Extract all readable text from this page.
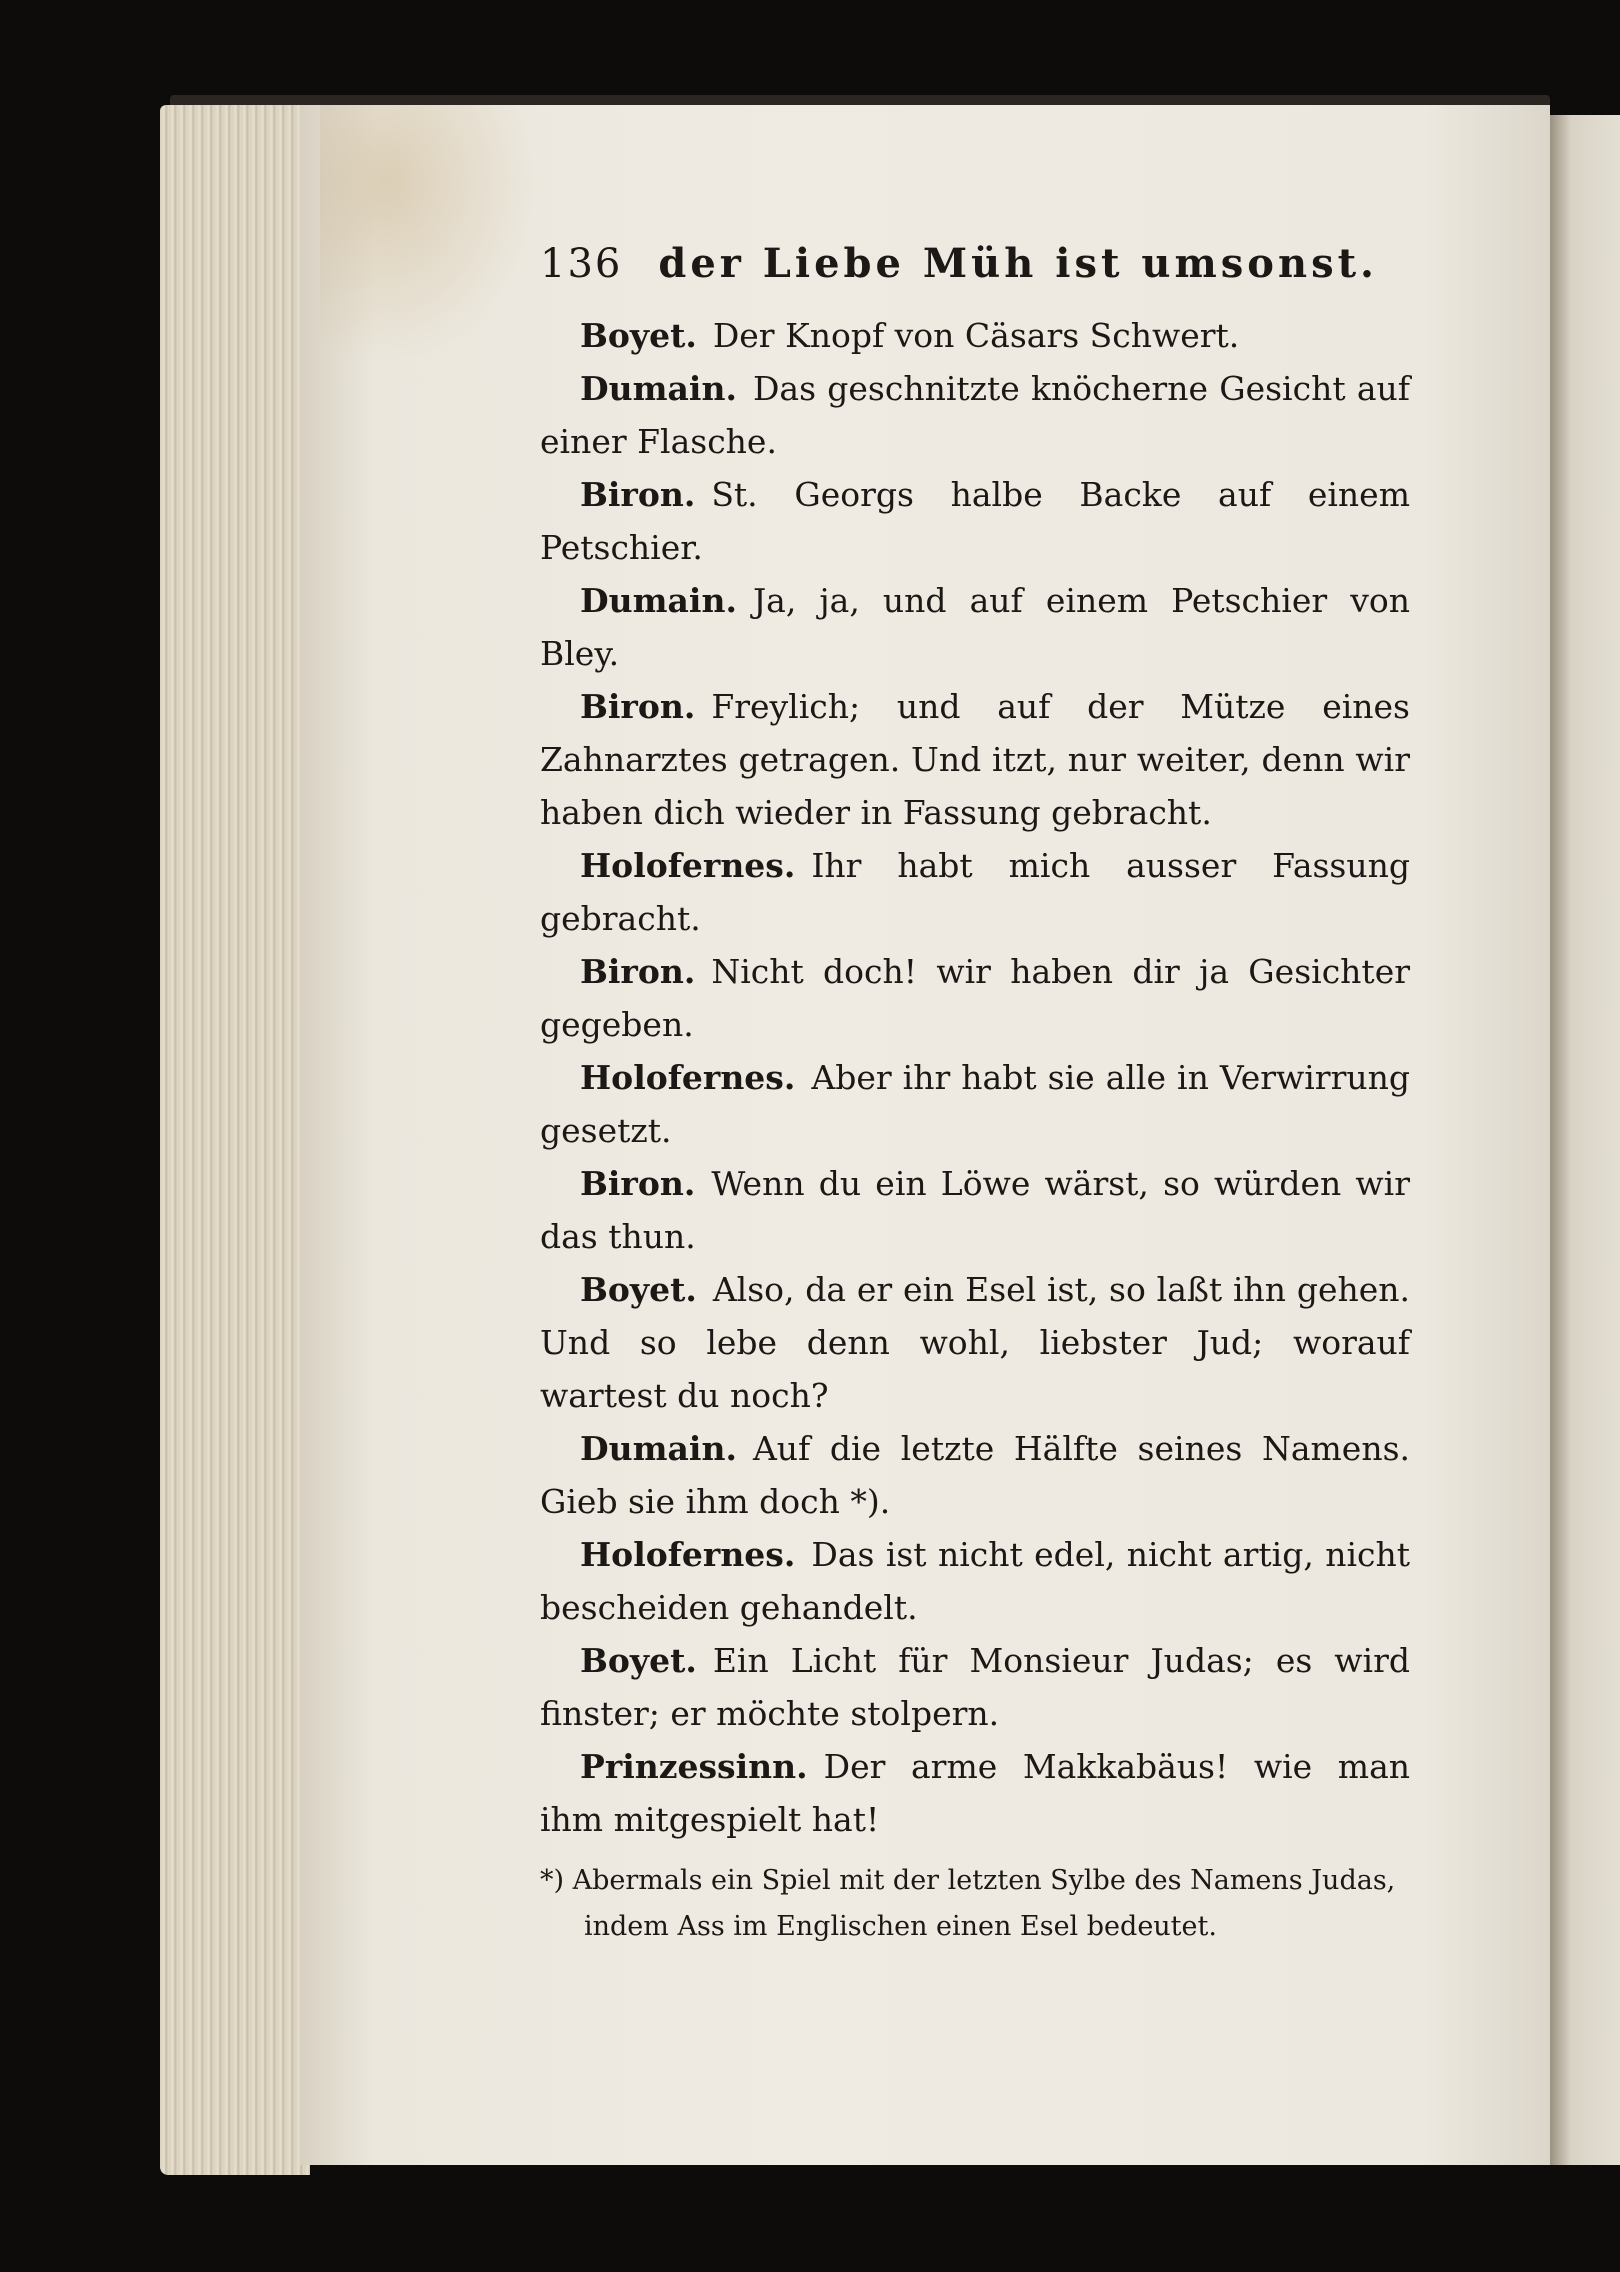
136 der Liebe Müh ist umsonst.

Boyet. Der Knopf von Cäsars Schwert.

Dumain. Das geschnitzte knöcherne Gesicht auf einer Flasche.

Biron. St. Georgs halbe Backe auf einem Petschier.

Dumain. Ja, ja, und auf einem Petschier von Bley.

Biron. Freylich; und auf der Mütze eines Zahnarztes getragen. Und itzt, nur weiter, denn wir haben dich wieder in Fassung gebracht.

Holofernes. Ihr habt mich ausser Fassung gebracht.

Biron. Nicht doch! wir haben dir ja Gesichter gegeben.

Holofernes. Aber ihr habt sie alle in Verwirrung gesetzt.

Biron. Wenn du ein Löwe wärst, so würden wir das thun.

Boyet. Also, da er ein Esel ist, so laßt ihn gehen. Und so lebe denn wohl, liebster Jud; worauf wartest du noch?

Dumain. Auf die letzte Hälfte seines Namens. Gieb sie ihm doch *).

Holofernes. Das ist nicht edel, nicht artig, nicht bescheiden gehandelt.

Boyet. Ein Licht für Monsieur Judas; es wird finster; er möchte stolpern.

Prinzessinn. Der arme Makkabäus! wie man ihm mitgespielt hat!

*) Abermals ein Spiel mit der letzten Sylbe des Namens Judas, indem Ass im Englischen einen Esel bedeutet.
